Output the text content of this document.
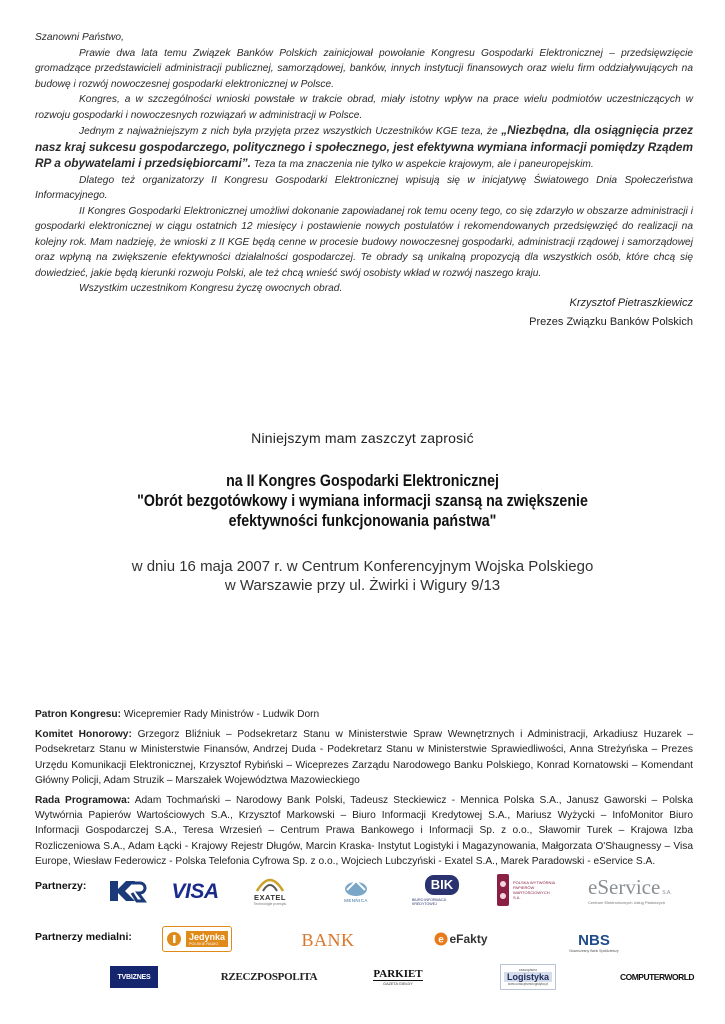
Szanowni Państwo,

Prawie dwa lata temu Związek Banków Polskich zainicjował powołanie Kongresu Gospodarki Elektronicznej – przedsięwzięcie gromadzące przedstawicieli administracji publicznej, samorządowej, banków, innych instytucji finansowych oraz wielu firm oddziaływujących na budowę i rozwój nowoczesnej gospodarki elektronicznej w Polsce.

Kongres, a w szczególności wnioski powstałe w trakcie obrad, miały istotny wpływ na prace wielu podmiotów uczestniczących w rozwoju gospodarki i nowoczesnych rozwiązań w administracji w Polsce.

Jednym z najważniejszym z nich była przyjęta przez wszystkich Uczestników KGE teza, że „Niezbędna, dla osiągnięcia przez nasz kraj sukcesu gospodarczego, politycznego i społecznego, jest efektywna wymiana informacji pomiędzy Rządem RP a obywatelami i przedsiębiorcami”. Teza ta ma znaczenia nie tylko w aspekcie krajowym, ale i paneuropejskim.

Dlatego też organizatorzy II Kongresu Gospodarki Elektronicznej wpisują się w inicjatywę Światowego Dnia Społeczeństwa Informacyjnego.

II Kongres Gospodarki Elektronicznej umożliwi dokonanie zapowiadanej rok temu oceny tego, co się zdarzyło w obszarze administracji i gospodarki elektronicznej w ciągu ostatnich 12 miesięcy i postawienie nowych postulatów i rekomendowanych przedsięwzięć do realizacji na kolejny rok. Mam nadzieję, że wnioski z II KGE będą cenne w procesie budowy nowoczesnej gospodarki, administracji rządowej i samorządowej oraz wpłyną na zwiększenie efektywności działalności gospodarczej. Te obrady są unikalną propozycją dla wszystkich osób, które chcą się dowiedzieć, jakie będą kierunki rozwoju Polski, ale też chcą wnieść swój osobisty wkład w rozwój naszego kraju.

Wszystkim uczestnikom Kongresu życzę owocnych obrad.

Krzysztof Pietraszkiewicz
Prezes Związku Banków Polskich
Niniejszym mam zaszczyt zaprosić
na II Kongres Gospodarki Elektronicznej
"Obrót bezgotówkowy i wymiana informacji szansą na zwiększenie
efektywności funkcjonowania państwa"
w dniu 16 maja 2007 r. w Centrum Konferencyjnym Wojska Polskiego
w Warszawie przy ul. Żwirki i Wigury 9/13

Patron Kongresu: Wicepremier Rady Ministrów - Ludwik Dorn

Komitet Honorowy: Grzegorz Bliźniuk – Podsekretarz Stanu w Ministerstwie Spraw Wewnętrznych i Administracji, Arkadiusz Huzarek – Podsekretarz Stanu w Ministerstwie Finansów, Andrzej Duda - Podekretarz Stanu w Ministerstwie Sprawiedliwości, Anna Streżyńska – Prezes Urzędu Komunikacji Elektronicznej, Krzysztof Rybiński – Wiceprezes Zarządu Narodowego Banku Polskiego, Konrad Kornatowski – Komendant Główny Policji, Adam Struzik – Marszałek Województwa Mazowieckiego

Rada Programowa: Adam Tochmański – Narodowy Bank Polski, Tadeusz Steckiewicz - Mennica Polska S.A., Janusz Gaworski – Polska Wytwórnia Papierów Wartościowych S.A., Krzysztof Markowski – Biuro Informacji Kredytowej S.A., Mariusz Wyżycki – InfoMonitor Biuro Informacji Gospodarczej S.A., Teresa Wrzesień – Centrum Prawa Bankowego i Informacji Sp. z o.o., Sławomir Turek – Krajowa Izba Rozliczeniowa S.A., Adam Łącki - Krajowy Rejestr Długów, Marcin Kraska- Instytut Logistyki i Magazynowania, Małgorzata O'Shaugnessy – Visa Europe, Wiesław Federowicz - Polska Telefonia Cyfrowa Sp. z o.o., Wojciech Lubczyński - Exatel S.A., Marek Paradowski - eService S.A.

Partnerzy:	VISA	EXATEL
Technologie przesyłu
MENNICA
BIK
BIURO INFORMACJI KREDYTOWEJ
POLSKA WYTWÓRNIA PAPIERÓW WARTOŚCIOWYCH S.A.	eService S.A.
Centrum Elektronicznych Usług Płatniczych
Partnerzy medialni:	Jedynka
POLSKIE RADIO	BANK	e eFakty	NBS
Nowoczesny Bank Spółdzielczy
TVBIZNES	RZECZPOSPOLITA	PARKIET
GAZETA GIEŁDY
czasopismo
Logistyka
www.czasopismologistyka.pl
COMPUTERWORLD
